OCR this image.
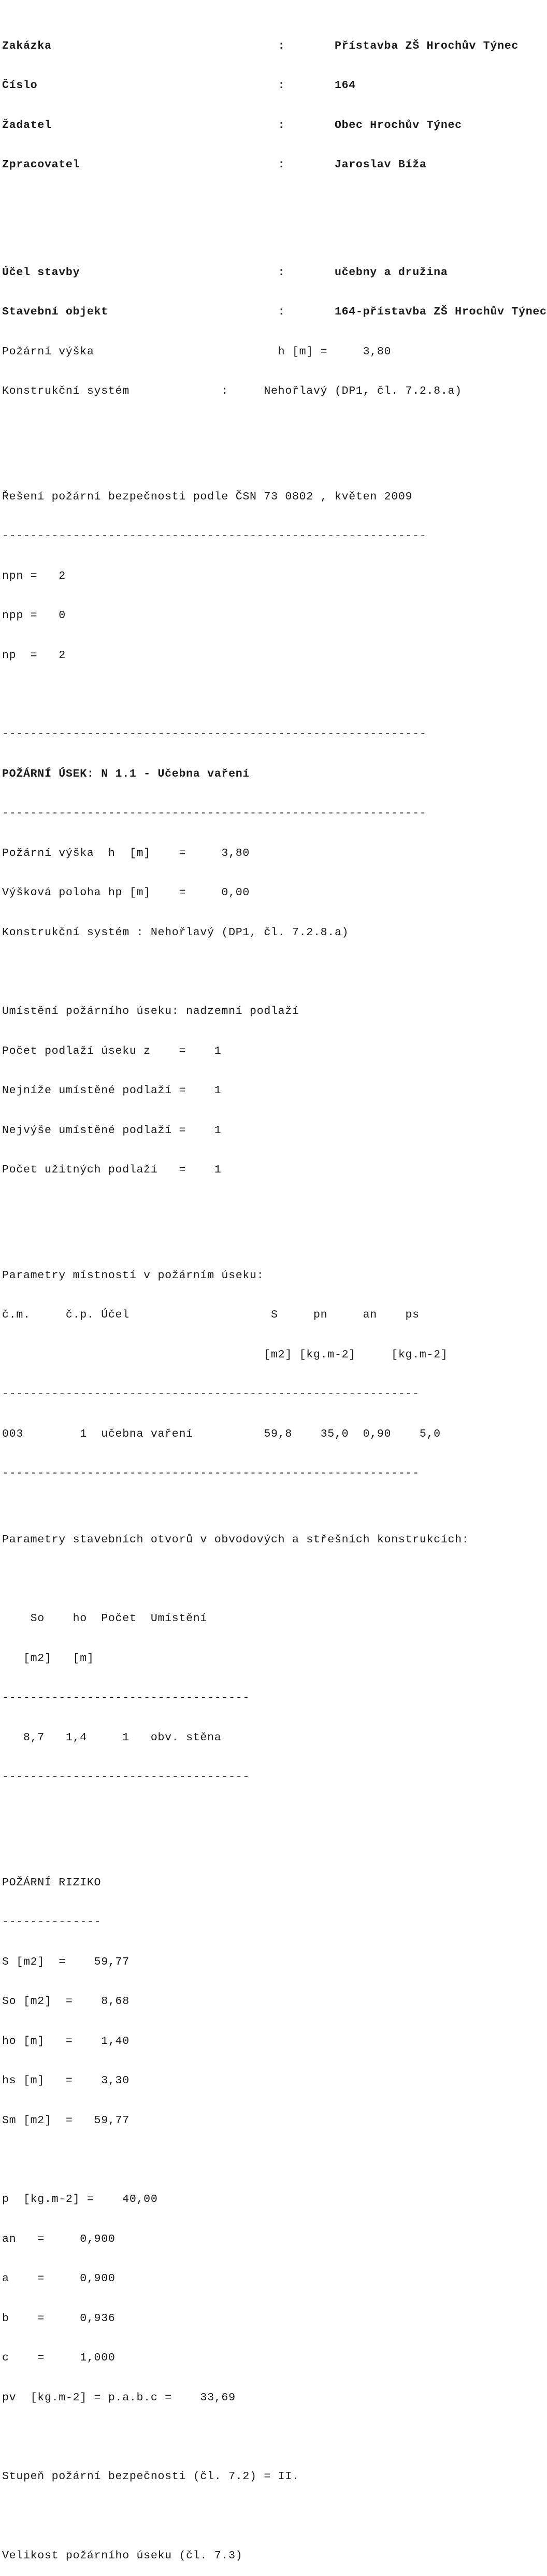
Zakázka                                :       Přístavba ZŠ Hrochův Týnec

Číslo                                  :       164

Žadatel                                :       Obec Hrochův Týnec

Zpracovatel                            :       Jaroslav Bíža

Účel stavby                            :       učebny a družina

Stavební objekt                        :       164-přístavba ZŠ Hrochův Týnec

Požární výška                          h [m] =     3,80

Konstrukční systém             :     Nehořlavý (DP1, čl. 7.2.8.a)

Řešení požární bezpečnosti podle ČSN 73 0802 , květen 2009

------------------------------------------------------------

npn =   2

npp =   0

np  =   2

------------------------------------------------------------

POŽÁRNÍ ÚSEK: N 1.1 - Učebna vaření

------------------------------------------------------------

Požární výška  h  [m]    =     3,80

Výšková poloha hp [m]    =     0,00

Konstrukční systém : Nehořlavý (DP1, čl. 7.2.8.a)

Umístění požárního úseku: nadzemní podlaží

Počet podlaží úseku z    =    1

Nejníže umístěné podlaží =    1

Nejvýše umístěné podlaží =    1

Počet užitných podlaží   =    1

Parametry místností v požárním úseku:

č.m.     č.p. Účel                    S     pn     an    ps

[m2] [kg.m-2]     [kg.m-2]

-----------------------------------------------------------

003        1  učebna vaření          59,8    35,0  0,90    5,0

-----------------------------------------------------------

Parametry stavebních otvorů v obvodových a střešních konstrukcích:

So    ho  Počet  Umístění

[m2]   [m]

-----------------------------------

8,7   1,4     1   obv. stěna

-----------------------------------

POŽÁRNÍ RIZIKO

--------------

S [m2]  =    59,77

So [m2]  =    8,68

ho [m]   =    1,40

hs [m]   =    3,30

Sm [m2]  =   59,77

p  [kg.m-2] =    40,00

an   =     0,900

a    =     0,900

b    =     0,936

c    =     1,000

pv  [kg.m-2] = p.a.b.c =    33,69

Stupeň požární bezpečnosti (čl. 7.2) = II.

Velikost požárního úseku (čl. 7.3)
